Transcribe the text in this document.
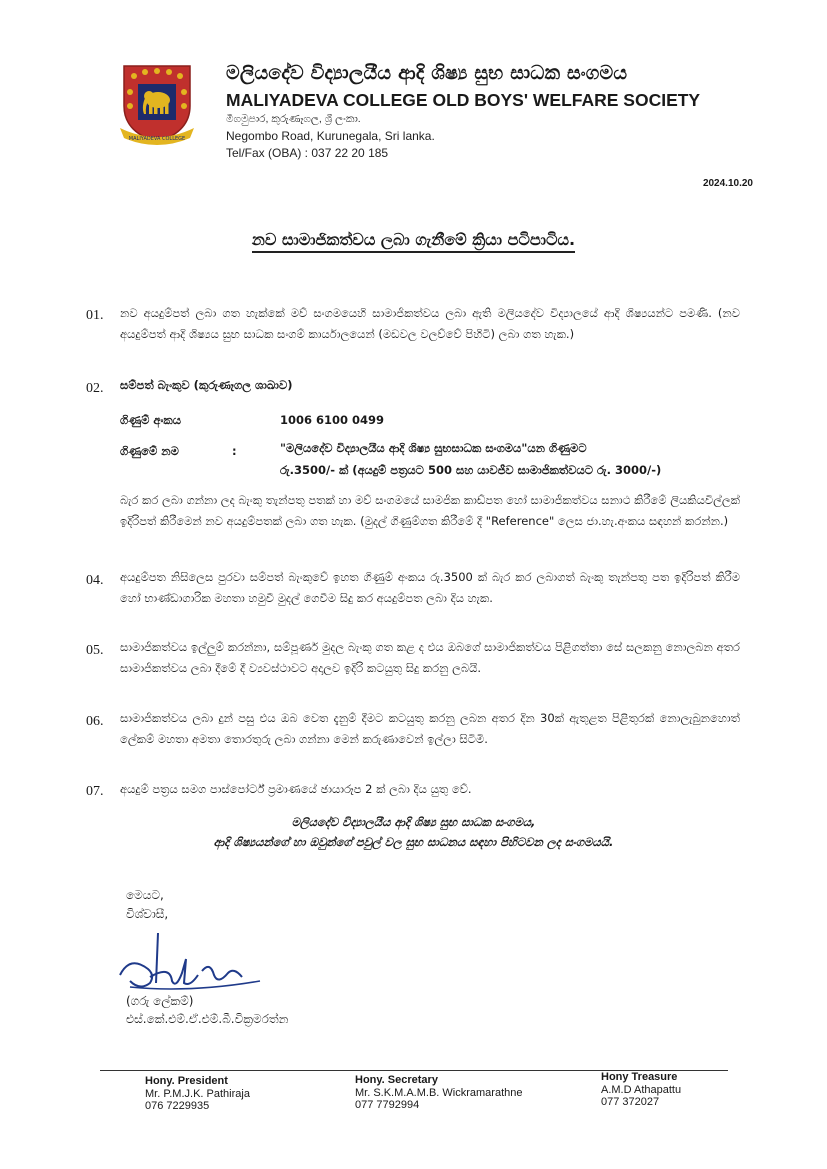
MALIYADEVA COLLEGE
මලියදේව විද්‍යාලයීය ආදි ශිෂ්‍ය සුභ සාධක සංගමය
MALIYADEVA COLLEGE OLD BOYS' WELFARE SOCIETY
මීගමුපාර, කුරුණෑගල, ශ්‍රී ලංකා.
Negombo Road, Kurunegala, Sri lanka.
Tel/Fax (OBA) : 037 22 20 185
2024.10.20
නව සාමාජිකත්වය ලබා ගැනීමේ ක්‍රියා පටිපාටිය.
01. නව අයදුම්පත් ලබා ගත හැක්කේ මව් සංගමයෙහි සාමාජිකත්වය ලබා ඇති මලියදේව විද්‍යාලයේ ආදි ශිෂ්‍යයන්ට පමණි. (නව අයදුම්පත් ආදි ශිෂ්‍යය සුභ සාධක සංගම් කාර්යාලයෙන් (මඩවල වලව්වේ පිහිටි) ලබා ගත හැක.)
02. සම්පත් බැංකුව (කුරුණෑගල ශාඛාව)
ගිණුම් අංකය	1006 6100 0499
ගිණුමේ නම	:	"මලියදේව විද්‍යාලයීය ආදි ශිෂ්‍ය සුභසාධක සංගමය"යන ගිණුමට
රු.3500/- ක් (අයදුම් පත්‍රයට 500 සහ යාවජීව සාමාජිකත්වයට රු. 3000/-)
බැර කර ලබා ගන්නා ලද බැංකු තැන්පතු පතක් හා මව් සංගමයේ සාමජික කාඩ්පත හෝ සාමාජිකත්වය සනාථ කිරීමේ ලියකියවිල්ලක් ඉදිරිපත් කිරීමෙන් නව අයදුම්පතක් ලබා ගත හැක. (මුදල් ගිණුම්ගත කිරීමේ දී "Reference" ලෙස ජා.හැ.අංකය සඳහන් කරන්න.)
04. අයදුම්පත නිසිලෙස පුරවා සම්පත් බැංකුවේ ඉහත ගිණුම් අංකය රු.3500 ක් බැර කර ලබාගත් බැංකු තැන්පතු පත ඉදිරිපත් කිරීම හෝ භාණ්ඩාගාරික මහතා හමුවී මුදල් ගෙවීම සිදු කර අයදුම්පත ලබා දිය හැක.
05. සාමාජිකත්වය ඉල්ලුම් කරන්නා, සම්පූර්ණ මුදල බැංකු ගත කළ ද එය ඔබගේ සාමාජිකත්වය පිළිගත්තා සේ සලකනු නොලබන අතර සාමාජිකත්වය ලබා දීමේ දී ව්‍යවස්ථාවට අදාලව ඉදිරි කටයුතු සිදු කරනු ලබයි.
06. සාමාජිකත්වය ලබා දුන් පසු එය ඔබ වෙත දැනුම් දීමට කටයුතු කරනු ලබන අතර දින 30ක් ඇතුළත පිළිතුරක් නොලැබුනහොත් ලේකම් මහතා අමතා තොරතුරු ලබා ගන්නා මෙන් කරුණාවෙන් ඉල්ලා සිටිමි.
07. අයදුම් පත්‍රය සමග පාස්පෝර්ට් ප්‍රමාණයේ ඡායාරූප 2 ක් ලබා දිය යුතු වේ.
මලියදේව විද්‍යාලයීය ආදි ශිෂ්‍ය සුභ සාධක සංගමය,
ආදි ශිෂ්‍යයන්ගේ හා ඔවුන්ගේ පවුල් වල සුභ සාධනය සඳහා පිහිටවන ලද සංගමයයි.
මෙයට,
විශ්වාසී,
(ගරු ලේකම්)
එස්.කේ.එම්.ඒ.එම්.බී.වික්‍රමරත්න
Hony. President
Mr. P.M.J.K. Pathiraja
076 7229935
Hony. Secretary
Mr. S.K.M.A.M.B. Wickramarathne
077 7792994
Hony Treasure
A.M.D Athapattu
077 372027
